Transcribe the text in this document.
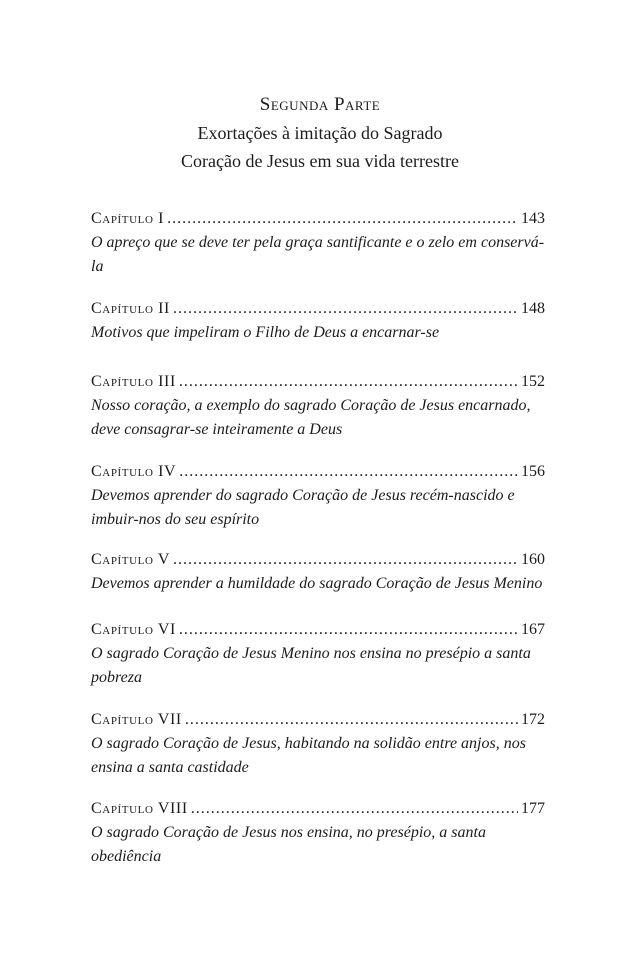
Segunda Parte
Exortações à imitação do Sagrado
Coração de Jesus em sua vida terrestre
Capítulo I .....	143
O apreço que se deve ter pela graça santificante e o zelo em conservá-la
Capítulo II .....	148
Motivos que impeliram o Filho de Deus a encarnar-se
Capítulo III .....	152
Nosso coração, a exemplo do sagrado Coração de Jesus encarnado, deve consagrar-se inteiramente a Deus
Capítulo IV .....	156
Devemos aprender do sagrado Coração de Jesus recém-nascido e imbuir-nos do seu espírito
Capítulo V .....	160
Devemos aprender a humildade do sagrado Coração de Jesus Menino
Capítulo VI .....	167
O sagrado Coração de Jesus Menino nos ensina no presépio a santa pobreza
Capítulo VII .....	172
O sagrado Coração de Jesus, habitando na solidão entre anjos, nos ensina a santa castidade
Capítulo VIII .....	177
O sagrado Coração de Jesus nos ensina, no presépio, a santa obediência
